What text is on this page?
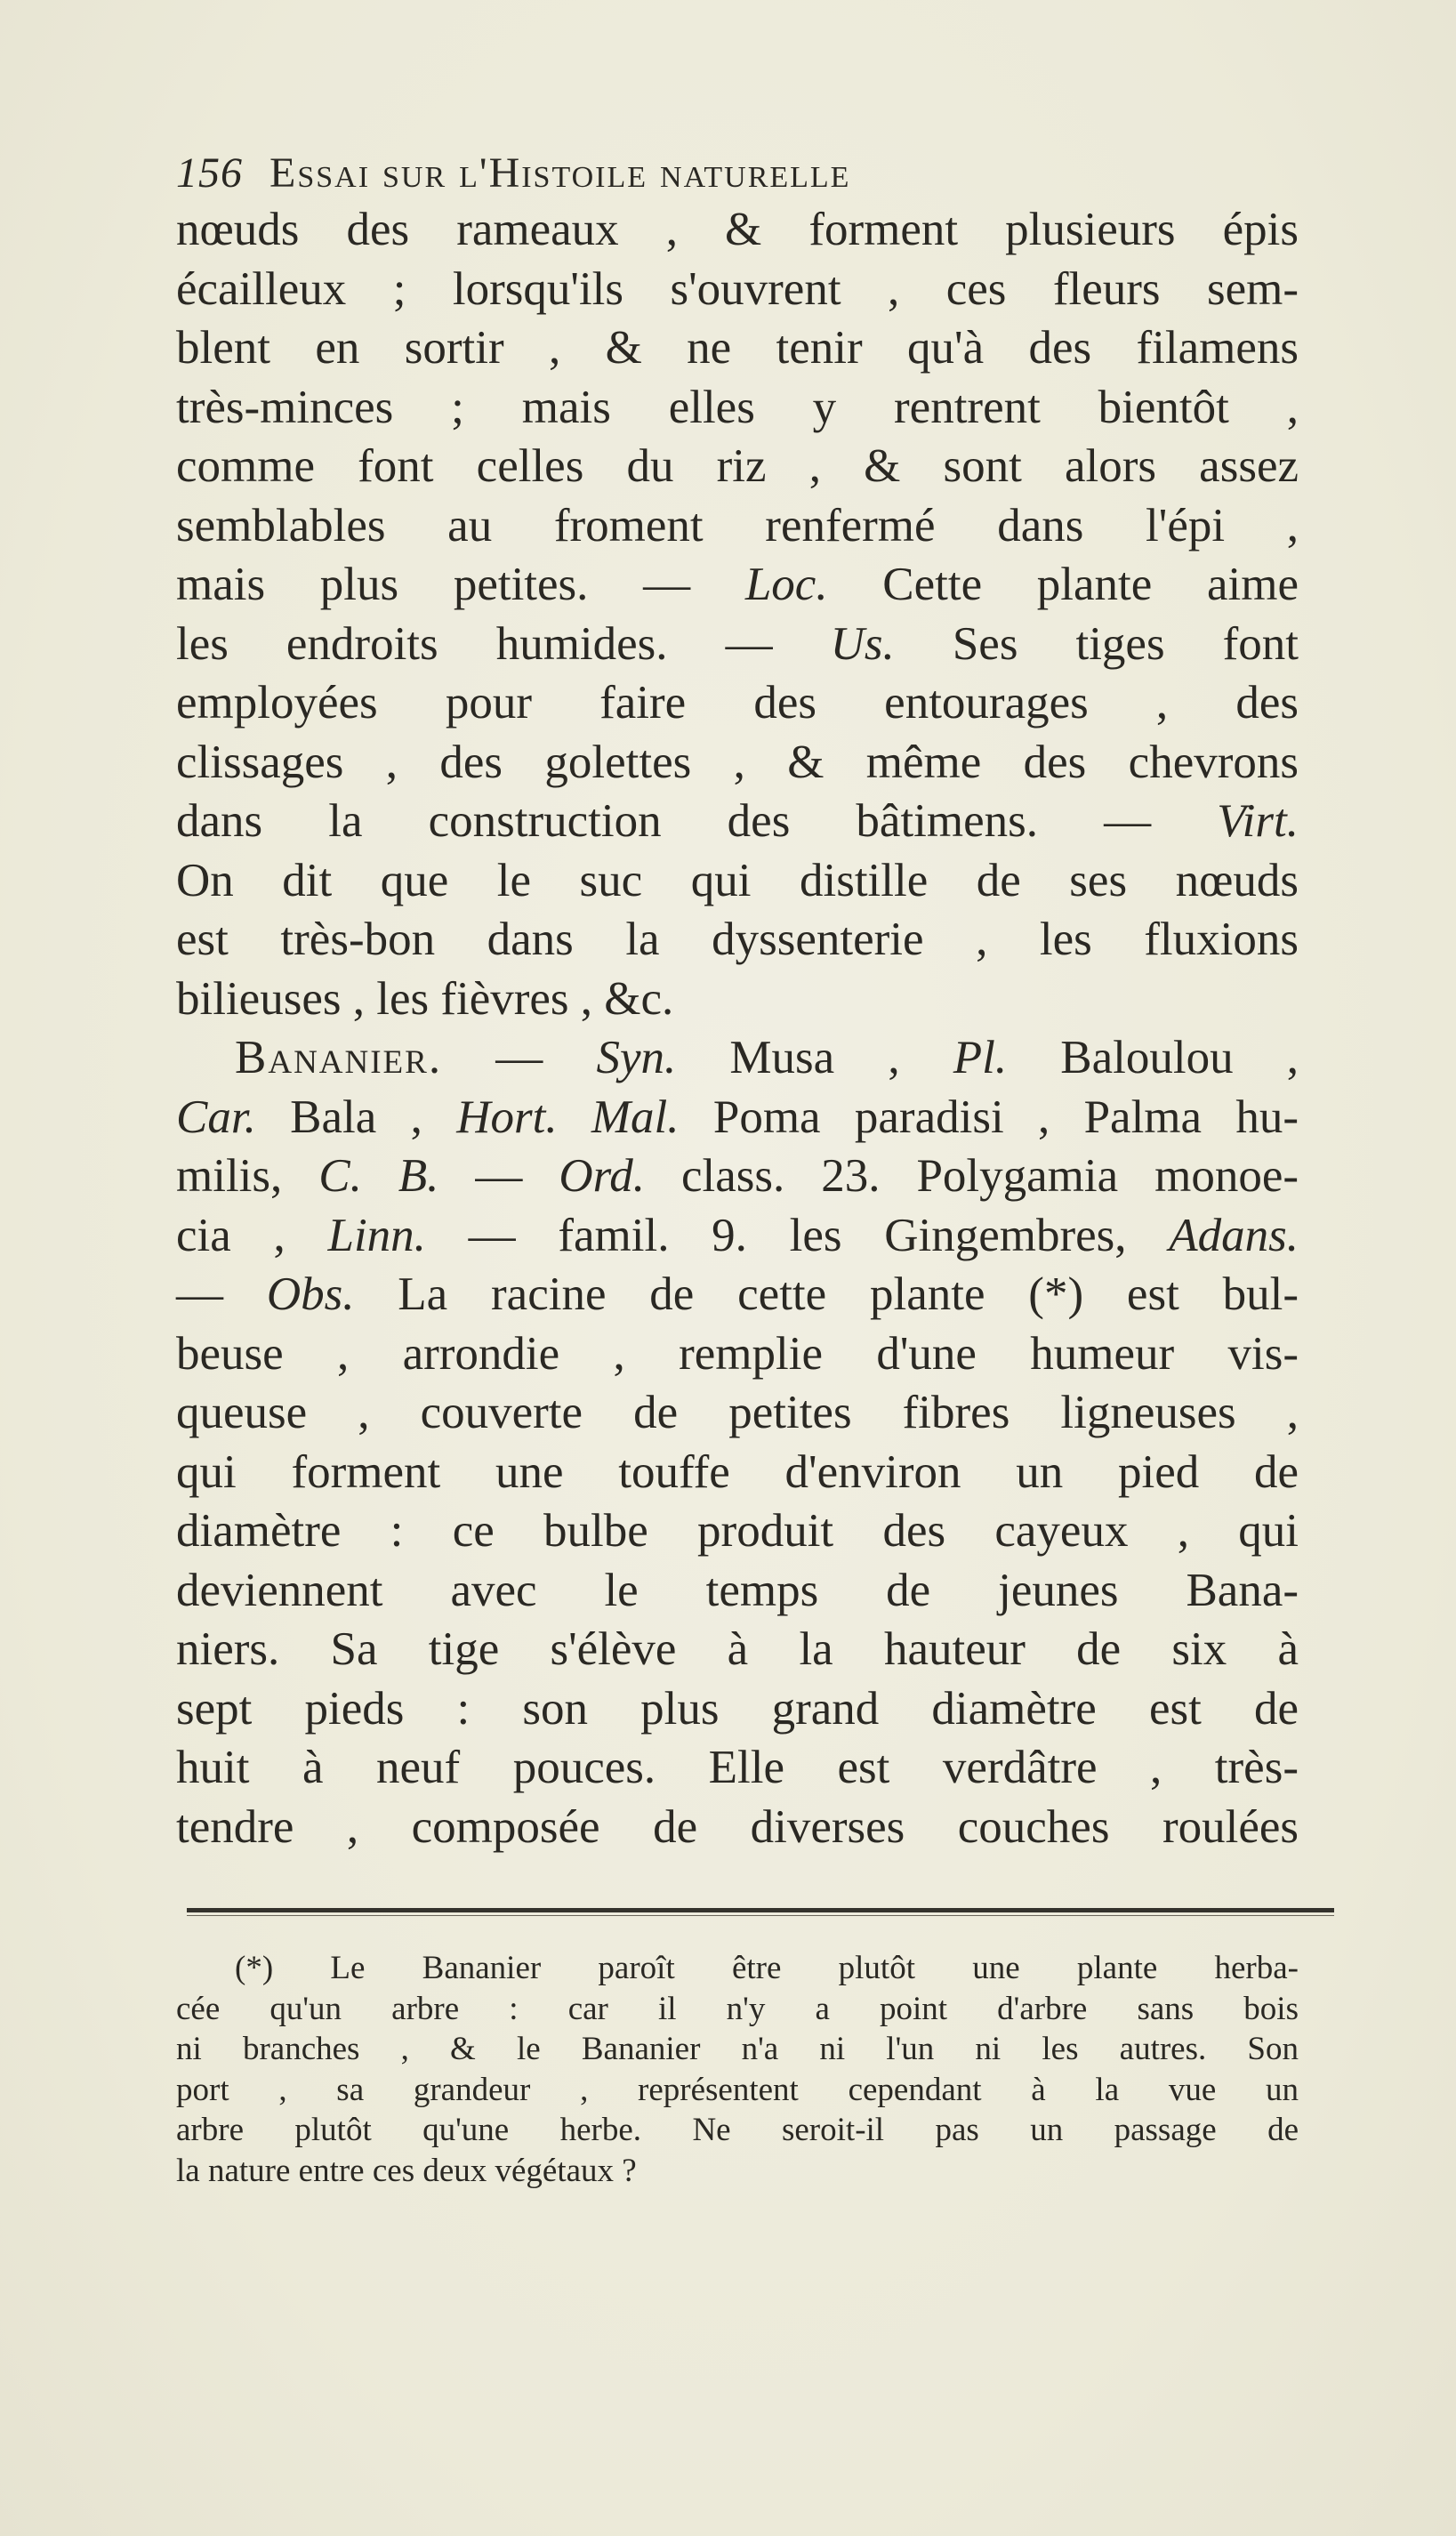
156 Essai sur l'Histoile naturelle
nœuds des rameaux , & forment plusieurs épis
écailleux ; lorsqu'ils s'ouvrent , ces fleurs sem-
blent en sortir , & ne tenir qu'à des filamens
très-minces ; mais elles y rentrent bientôt ,
comme font celles du riz , & sont alors assez
semblables au froment renfermé dans l'épi ,
mais plus petites. — Loc. Cette plante aime
les endroits humides. — Us. Ses tiges font
employées pour faire des entourages , des
clissages , des golettes , & même des chevrons
dans la construction des bâtimens. — Virt.
On dit que le suc qui distille de ses nœuds
est très-bon dans la dyssenterie , les fluxions
bilieuses , les fièvres , &c.
Bananier. — Syn. Musa , Pl. Baloulou ,
Car. Bala , Hort. Mal. Poma paradisi , Palma hu-
milis, C. B. — Ord. class. 23. Polygamia monoe-
cia , Linn. — famil. 9. les Gingembres, Adans.
— Obs. La racine de cette plante (*) est bul-
beuse , arrondie , remplie d'une humeur vis-
queuse , couverte de petites fibres ligneuses ,
qui forment une touffe d'environ un pied de
diamètre : ce bulbe produit des cayeux , qui
deviennent avec le temps de jeunes Bana-
niers. Sa tige s'élève à la hauteur de six à
sept pieds : son plus grand diamètre est de
huit à neuf pouces. Elle est verdâtre , très-
tendre , composée de diverses couches roulées
(*) Le Bananier paroît être plutôt une plante herba-
cée qu'un arbre : car il n'y a point d'arbre sans bois
ni branches , & le Bananier n'a ni l'un ni les autres. Son
port , sa grandeur , représentent cependant à la vue un
arbre plutôt qu'une herbe. Ne seroit-il pas un passage de
la nature entre ces deux végétaux ?
